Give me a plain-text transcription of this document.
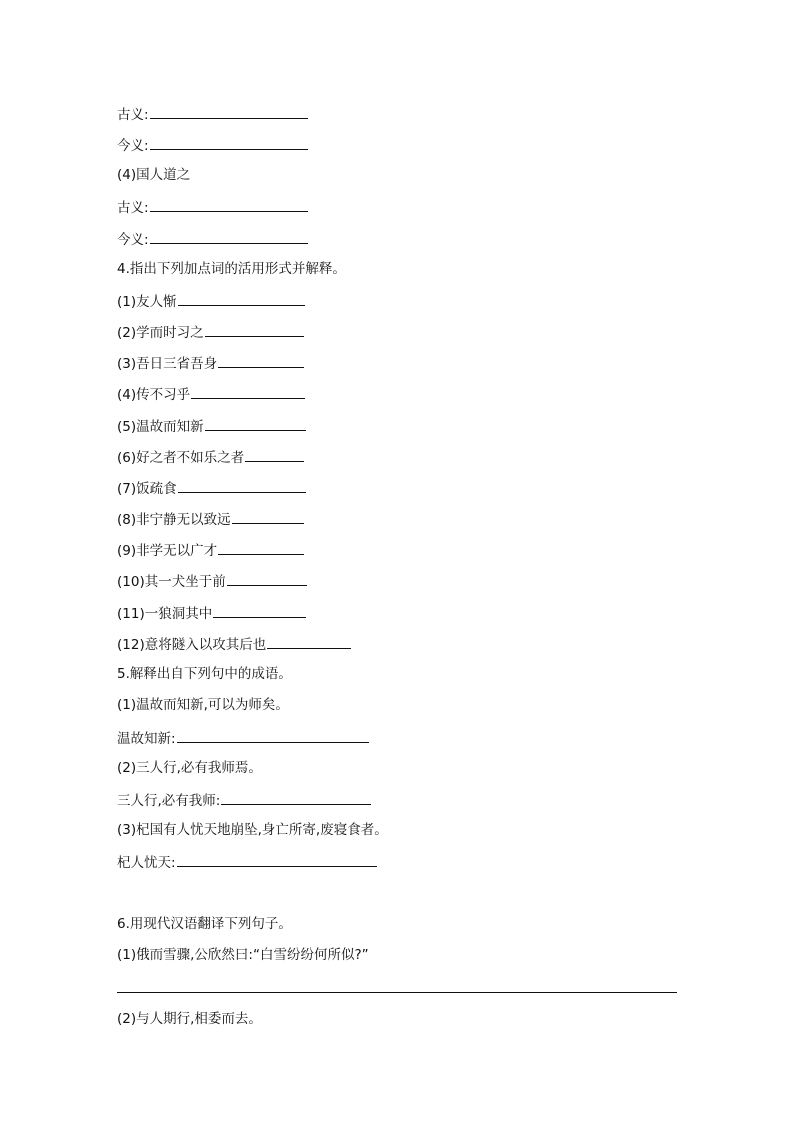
古义:
今义:
(4)国人道之
古义:
今义:
4.指出下列加点词的活用形式并解释。
(1)友人惭
(2)学而时习之
(3)吾日三省吾身
(4)传不习乎
(5)温故而知新
(6)好之者不如乐之者
(7)饭疏食
(8)非宁静无以致远
(9)非学无以广才
(10)其一犬坐于前
(11)一狼洞其中
(12)意将隧入以攻其后也
5.解释出自下列句中的成语。
(1)温故而知新,可以为师矣。
温故知新:
(2)三人行,必有我师焉。
三人行,必有我师:
(3)杞国有人忧天地崩坠,身亡所寄,废寝食者。
杞人忧天:
6.用现代汉语翻译下列句子。
(1)俄而雪骤,公欣然曰:“白雪纷纷何所似?”
(2)与人期行,相委而去。
